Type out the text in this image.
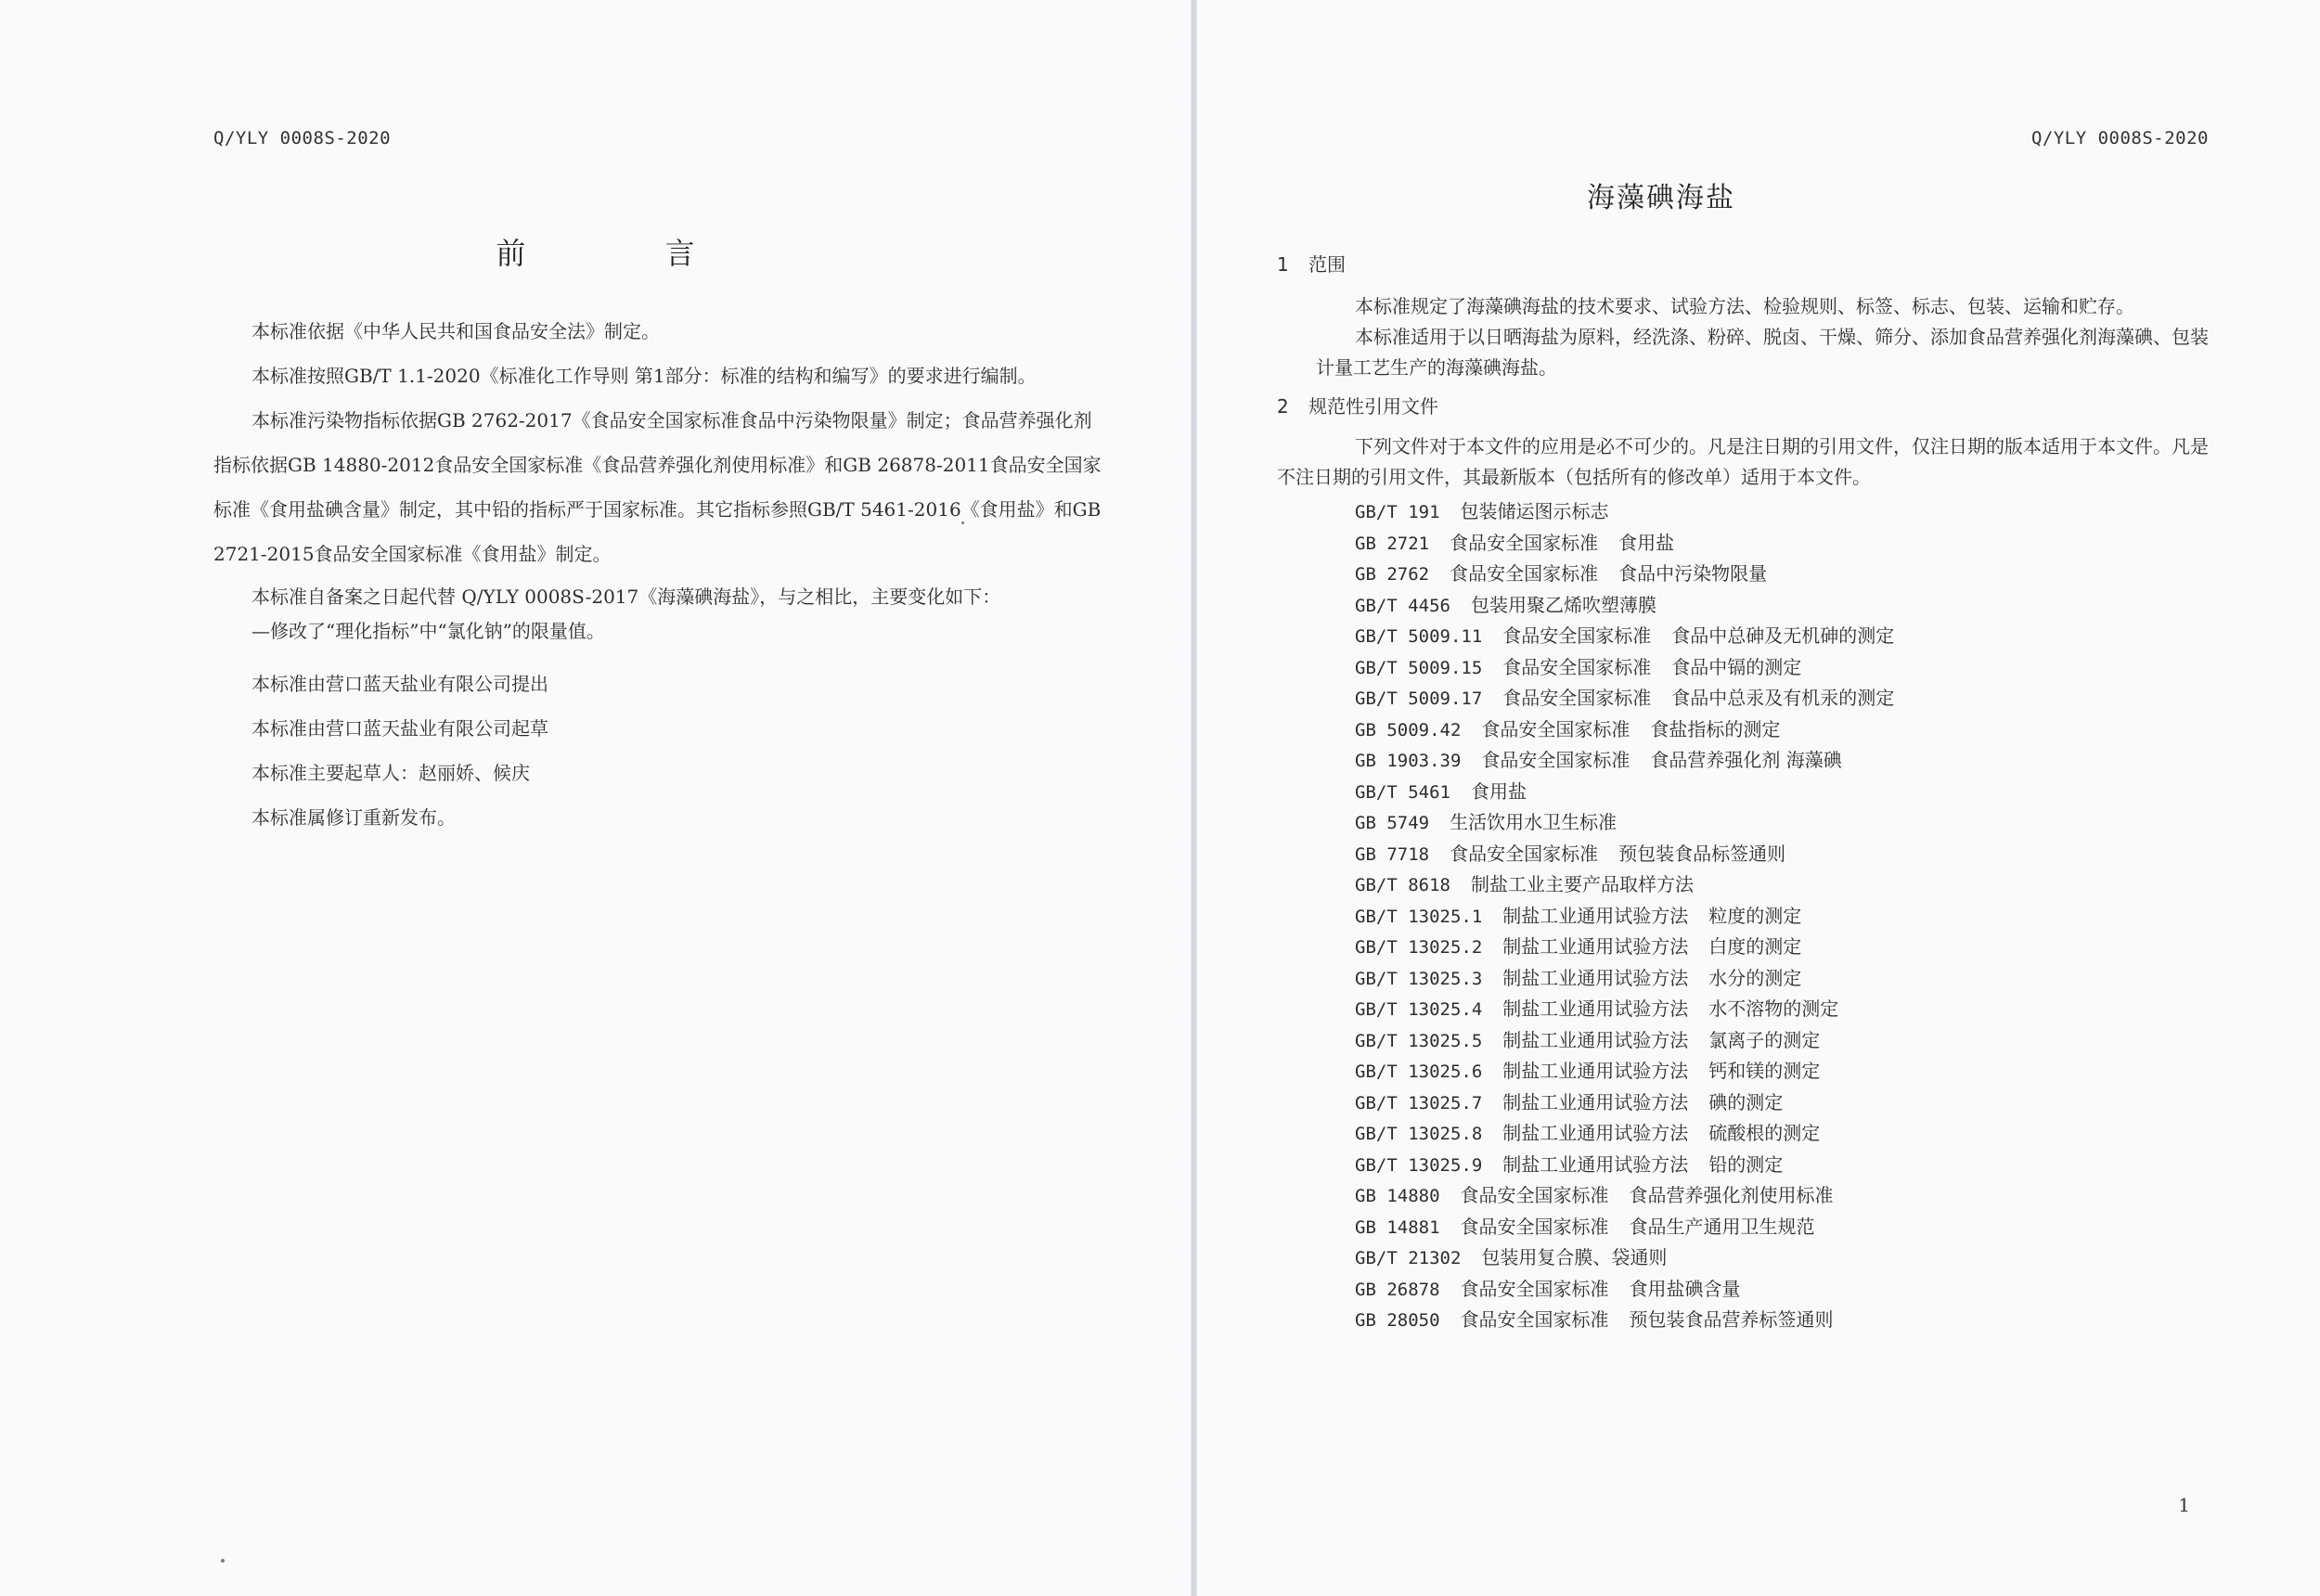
Q/YLY 0008S-2020
前 言

本标准依据《中华人民共和国食品安全法》制定。

本标准按照GB/T 1.1-2020《标准化工作导则 第1部分：标准的结构和编写》的要求进行编制。

本标准污染物指标依据GB 2762-2017《食品安全国家标准食品中污染物限量》制定；食品营养强化剂指标依据GB 14880-2012食品安全国家标准《食品营养强化剂使用标准》和GB 26878-2011食品安全国家标准《食用盐碘含量》制定，其中铅的指标严于国家标准。其它指标参照GB/T 5461-2016《食用盐》和GB 2721-2015食品安全国家标准《食用盐》制定。

本标准自备案之日起代替 Q/YLY 0008S-2017《海藻碘海盐》，与之相比，主要变化如下：

—修改了“理化指标”中“氯化钠”的限量值。

本标准由营口蓝天盐业有限公司提出

本标准由营口蓝天盐业有限公司起草

本标准主要起草人：赵丽娇、候庆

本标准属修订重新发布。

Q/YLY 0008S-2020
海藻碘海盐

1 范围

本标准规定了海藻碘海盐的技术要求、试验方法、检验规则、标签、标志、包装、运输和贮存。

本标准适用于以日晒海盐为原料，经洗涤、粉碎、脱卤、干燥、筛分、添加食品营养强化剂海藻碘、包装计量工艺生产的海藻碘海盐。

2 规范性引用文件

下列文件对于本文件的应用是必不可少的。凡是注日期的引用文件，仅注日期的版本适用于本文件。凡是不注日期的引用文件，其最新版本（包括所有的修改单）适用于本文件。

GB/T 191 包装储运图示标志
GB 2721 食品安全国家标准 食用盐
GB 2762 食品安全国家标准 食品中污染物限量
GB/T 4456 包装用聚乙烯吹塑薄膜
GB/T 5009.11 食品安全国家标准 食品中总砷及无机砷的测定
GB/T 5009.15 食品安全国家标准 食品中镉的测定
GB/T 5009.17 食品安全国家标准 食品中总汞及有机汞的测定
GB 5009.42 食品安全国家标准 食盐指标的测定
GB 1903.39 食品安全国家标准 食品营养强化剂 海藻碘
GB/T 5461 食用盐
GB 5749 生活饮用水卫生标准
GB 7718 食品安全国家标准 预包装食品标签通则
GB/T 8618 制盐工业主要产品取样方法
GB/T 13025.1 制盐工业通用试验方法 粒度的测定
GB/T 13025.2 制盐工业通用试验方法 白度的测定
GB/T 13025.3 制盐工业通用试验方法 水分的测定
GB/T 13025.4 制盐工业通用试验方法 水不溶物的测定
GB/T 13025.5 制盐工业通用试验方法 氯离子的测定
GB/T 13025.6 制盐工业通用试验方法 钙和镁的测定
GB/T 13025.7 制盐工业通用试验方法 碘的测定
GB/T 13025.8 制盐工业通用试验方法 硫酸根的测定
GB/T 13025.9 制盐工业通用试验方法 铅的测定
GB 14880 食品安全国家标准 食品营养强化剂使用标准
GB 14881 食品安全国家标准 食品生产通用卫生规范
GB/T 21302 包装用复合膜、袋通则
GB 26878 食品安全国家标准 食用盐碘含量
GB 28050 食品安全国家标准 预包装食品营养标签通则
1
